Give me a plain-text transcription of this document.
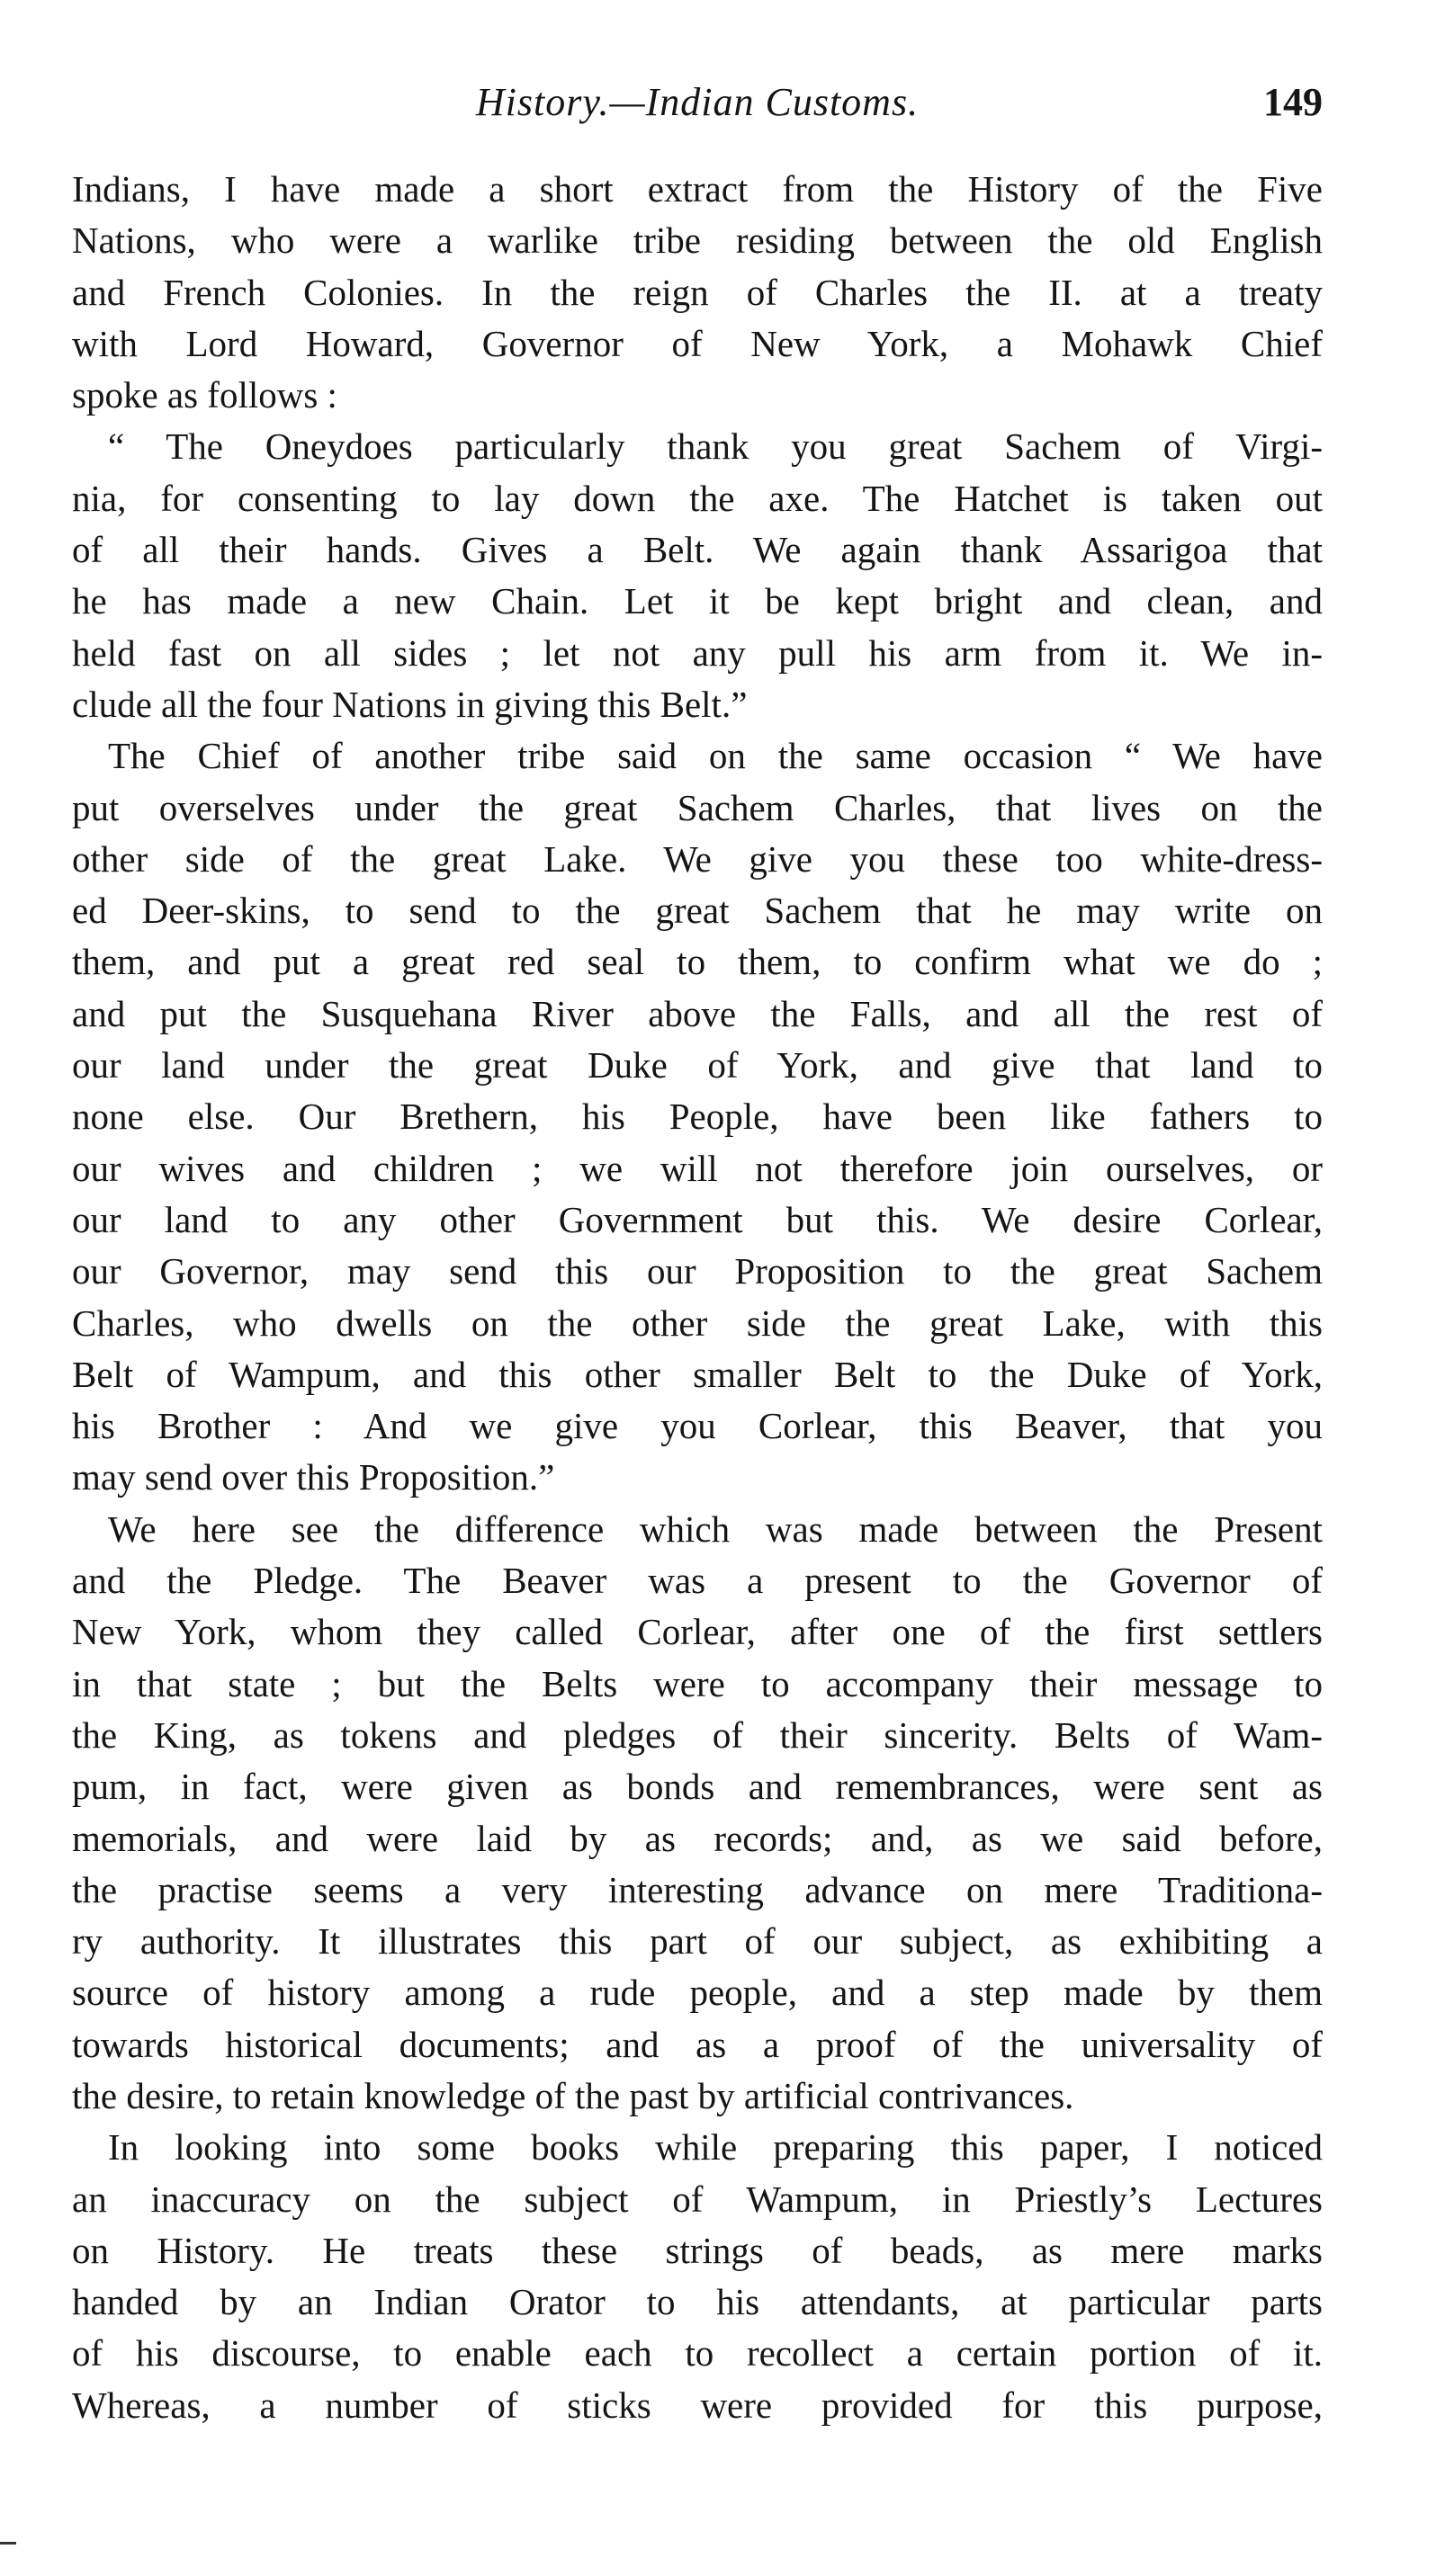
History.—Indian Customs.	149
Indians, I have made a short extract from the History of the Five
Nations, who were a warlike tribe residing between the old English
and French Colonies. In the reign of Charles the II. at a treaty
with Lord Howard, Governor of New York, a Mohawk Chief
spoke as follows :
“ The Oneydoes particularly thank you great Sachem of Virgi-
nia, for consenting to lay down the axe. The Hatchet is taken out
of all their hands. Gives a Belt. We again thank Assarigoa that
he has made a new Chain. Let it be kept bright and clean, and
held fast on all sides ; let not any pull his arm from it. We in-
clude all the four Nations in giving this Belt.”
The Chief of another tribe said on the same occasion “ We have
put overselves under the great Sachem Charles, that lives on the
other side of the great Lake. We give you these too white-dress-
ed Deer-skins, to send to the great Sachem that he may write on
them, and put a great red seal to them, to confirm what we do ;
and put the Susquehana River above the Falls, and all the rest of
our land under the great Duke of York, and give that land to
none else. Our Brethern, his People, have been like fathers to
our wives and children ; we will not therefore join ourselves, or
our land to any other Government but this. We desire Corlear,
our Governor, may send this our Proposition to the great Sachem
Charles, who dwells on the other side the great Lake, with this
Belt of Wampum, and this other smaller Belt to the Duke of York,
his Brother : And we give you Corlear, this Beaver, that you
may send over this Proposition.”
We here see the difference which was made between the Present
and the Pledge. The Beaver was a present to the Governor of
New York, whom they called Corlear, after one of the first settlers
in that state ; but the Belts were to accompany their message to
the King, as tokens and pledges of their sincerity. Belts of Wam-
pum, in fact, were given as bonds and remembrances, were sent as
memorials, and were laid by as records; and, as we said before,
the practise seems a very interesting advance on mere Traditiona-
ry authority. It illustrates this part of our subject, as exhibiting a
source of history among a rude people, and a step made by them
towards historical documents; and as a proof of the universality of
the desire, to retain knowledge of the past by artificial contrivances.
In looking into some books while preparing this paper, I noticed
an inaccuracy on the subject of Wampum, in Priestly’s Lectures
on History. He treats these strings of beads, as mere marks
handed by an Indian Orator to his attendants, at particular parts
of his discourse, to enable each to recollect a certain portion of it.
Whereas, a number of sticks were provided for this purpose,
